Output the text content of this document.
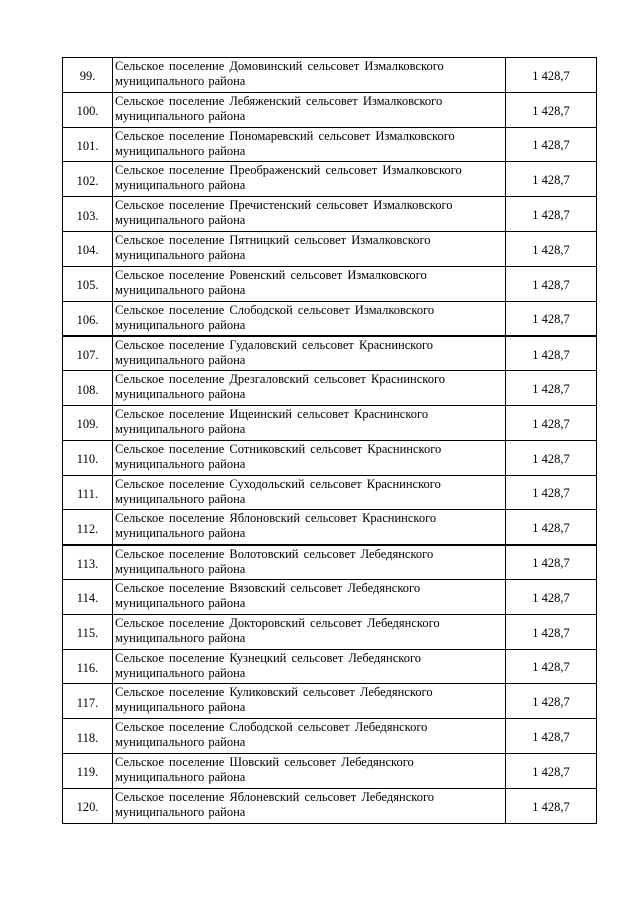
99.	Сельское поселение Домовинский сельсовет Измалковского
муниципального района	1 428,7
100.	Сельское поселение Лебяженский сельсовет Измалковского
муниципального района	1 428,7
101.	Сельское поселение Пономаревский сельсовет Измалковского
муниципального района	1 428,7
102.	Сельское поселение Преображенский сельсовет Измалковского
муниципального района	1 428,7
103.	Сельское поселение Пречистенский сельсовет Измалковского
муниципального района	1 428,7
104.	Сельское поселение Пятницкий сельсовет Измалковского
муниципального района	1 428,7
105.	Сельское поселение Ровенский сельсовет Измалковского
муниципального района	1 428,7
106.	Сельское поселение Слободской сельсовет Измалковского
муниципального района	1 428,7
107.	Сельское поселение Гудаловский сельсовет Краснинского
муниципального района	1 428,7
108.	Сельское поселение Дрезгаловский сельсовет Краснинского
муниципального района	1 428,7
109.	Сельское поселение Ищеинский сельсовет Краснинского
муниципального района	1 428,7
110.	Сельское поселение Сотниковский сельсовет Краснинского
муниципального района	1 428,7
111.	Сельское поселение Суходольский сельсовет Краснинского
муниципального района	1 428,7
112.	Сельское поселение Яблоновский сельсовет Краснинского
муниципального района	1 428,7
113.	Сельское поселение Волотовский сельсовет Лебедянского
муниципального района	1 428,7
114.	Сельское поселение Вязовский сельсовет Лебедянского
муниципального района	1 428,7
115.	Сельское поселение Докторовский сельсовет Лебедянского
муниципального района	1 428,7
116.	Сельское поселение Кузнецкий сельсовет Лебедянского
муниципального района	1 428,7
117.	Сельское поселение Куликовский сельсовет Лебедянского
муниципального района	1 428,7
118.	Сельское поселение Слободской сельсовет Лебедянского
муниципального района	1 428,7
119.	Сельское поселение Шовский сельсовет Лебедянского
муниципального района	1 428,7
120.	Сельское поселение Яблоневский сельсовет Лебедянского
муниципального района	1 428,7
